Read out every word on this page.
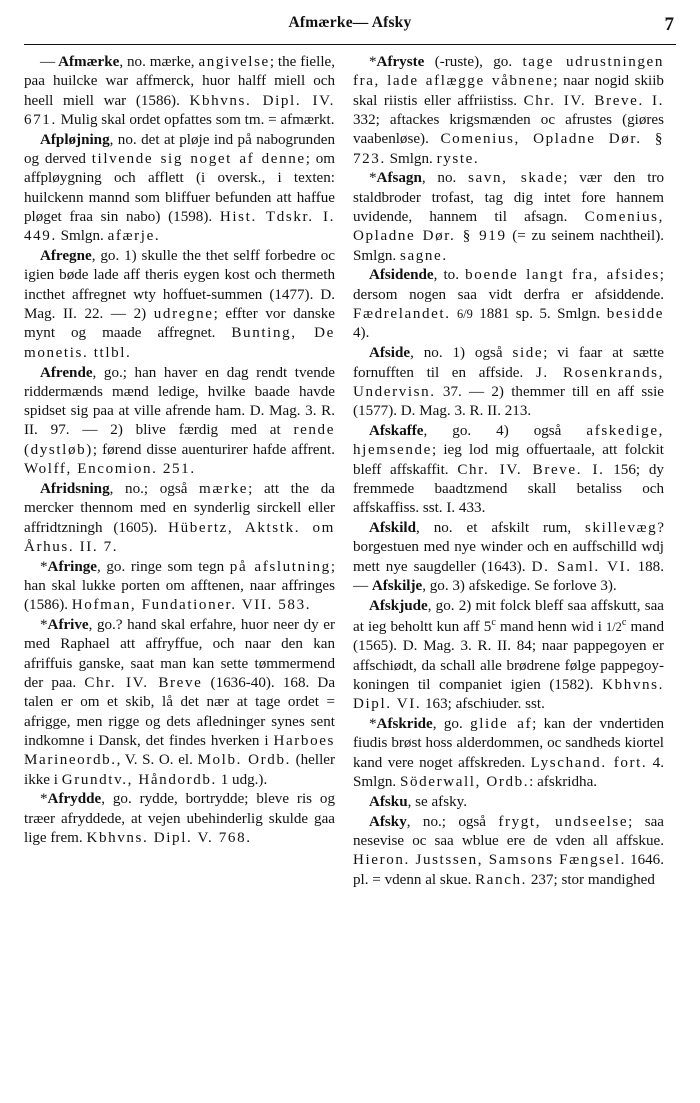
Afmærke— Afsky	7

— Afmærke, no. mærke, angivelse; the fielle, paa huilcke war affmerck, huor halff miell och heell miell war (1586). Kbhvns. Dipl. IV. 671. Mulig skal ordet opfattes som tm. = afmærkt.

Afpløjning, no. det at pløje ind på nabogrunden og derved tilvende sig noget af denne; om affpløygning och afflett (i oversk., i texten: huilckenn mannd som bliffuer befunden att haffue pløget fraa sin nabo) (1598). Hist. Tdskr. I. 449. Smlgn. afærje.

Afregne, go. 1) skulle the thet selff forbedre oc igien bøde lade aff theris eygen kost och thermeth incthet affregnet wty hoffuet-summen (1477). D. Mag. II. 22. — 2) udregne; effter vor danske mynt og maade affregnet. Bunting, De monetis. ttlbl.

Afrende, go.; han haver en dag rendt tvende riddermænds mænd ledige, hvilke baade havde spidset sig paa at ville afrende ham. D. Mag. 3. R. II. 97. — 2) blive færdig med at rende (dystløb); førend disse auenturirer hafde affrent. Wolff, Encomion. 251.

Afridsning, no.; også mærke; att the da mercker thennom med en synderlig sirckell eller affridtzningh (1605). Hübertz, Aktstk. om Århus. II. 7.

*Afringe, go. ringe som tegn på afslutning; han skal lukke porten om afftenen, naar affringes (1586). Hofman, Fundationer. VII. 583.

*Afrive, go.? hand skal erfahre, huor neer dy er med Raphael att affryffue, och naar den kan afriffuis ganske, saat man kan sette tømmermend der paa. Chr. IV. Breve (1636-40). 168. Da talen er om et skib, lå det nær at tage ordet = afrigge, men rigge og dets afledninger synes sent indkomne i Dansk, det findes hverken i Harboes Marineordb., V. S. O. el. Molb. Ordb. (heller ikke i Grundtv., Håndordb. 1 udg.).

*Afrydde, go. rydde, bortrydde; bleve ris og træer afryddede, at vejen ubehinderlig skulde gaa lige frem. Kbhvns. Dipl. V. 768.

*Afryste (-ruste), go. tage udrustningen fra, lade aflægge våbnene; naar nogid skiib skal riistis eller affriistiss. Chr. IV. Breve. I. 332; aftackes krigsmænden oc afrustes (giøres vaabenløse). Comenius, Opladne Dør. § 723. Smlgn. ryste.

*Afsagn, no. savn, skade; vær den tro staldbroder trofast, tag dig intet fore hannem uvidende, hannem til afsagn. Comenius, Opladne Dør. § 919 (= zu seinem nachtheil). Smlgn. sagne.

Afsidende, to. boende langt fra, afsides; dersom nogen saa vidt derfra er afsiddende. Fædrelandet. 6/9 1881 sp. 5. Smlgn. besidde 4).

Afside, no. 1) også side; vi faar at sætte fornufften til en affside. J. Rosenkrands, Undervisn. 37. — 2) themmer till en aff ssie (1577). D. Mag. 3. R. II. 213.

Afskaffe, go. 4) også afskedige, hjemsende; ieg lod mig offuertaale, att folckit bleff affskaffit. Chr. IV. Breve. I. 156; dy fremmede baadtzmend skall betaliss och affskaffiss. sst. I. 433.

Afskild, no. et afskilt rum, skillevæg? borgestuen med nye winder och en auffschilld wdj mett nye saugdeller (1643). D. Saml. VI. 188. — Afskilje, go. 3) afskedige. Se forlove 3).

Afskjude, go. 2) mit folck bleff saa affskutt, saa at ieg beholtt kun aff 5$^c$ mand henn wid i 1/2$^c$ mand (1565). D. Mag. 3. R. II. 84; naar pappegoyen er affschiødt, da schall alle brødrene følge pappegoy-koningen til companiet igien (1582). Kbhvns. Dipl. VI. 163; afschiuder. sst.

*Afskride, go. glide af; kan der vndertiden fiudis brøst hoss alderdommen, oc sandheds kiortel kand vere noget affskreden. Lyschand. fort. 4. Smlgn. Söderwall, Ordb.: afskridha.

Afsku, se afsky.

Afsky, no.; også frygt, undseelse; saa nesevise oc saa wblue ere de vden all affskue. Hieron. Justssen, Samsons Fængsel. 1646. pl. = vdenn al skue. Ranch. 237; stor mandighed
